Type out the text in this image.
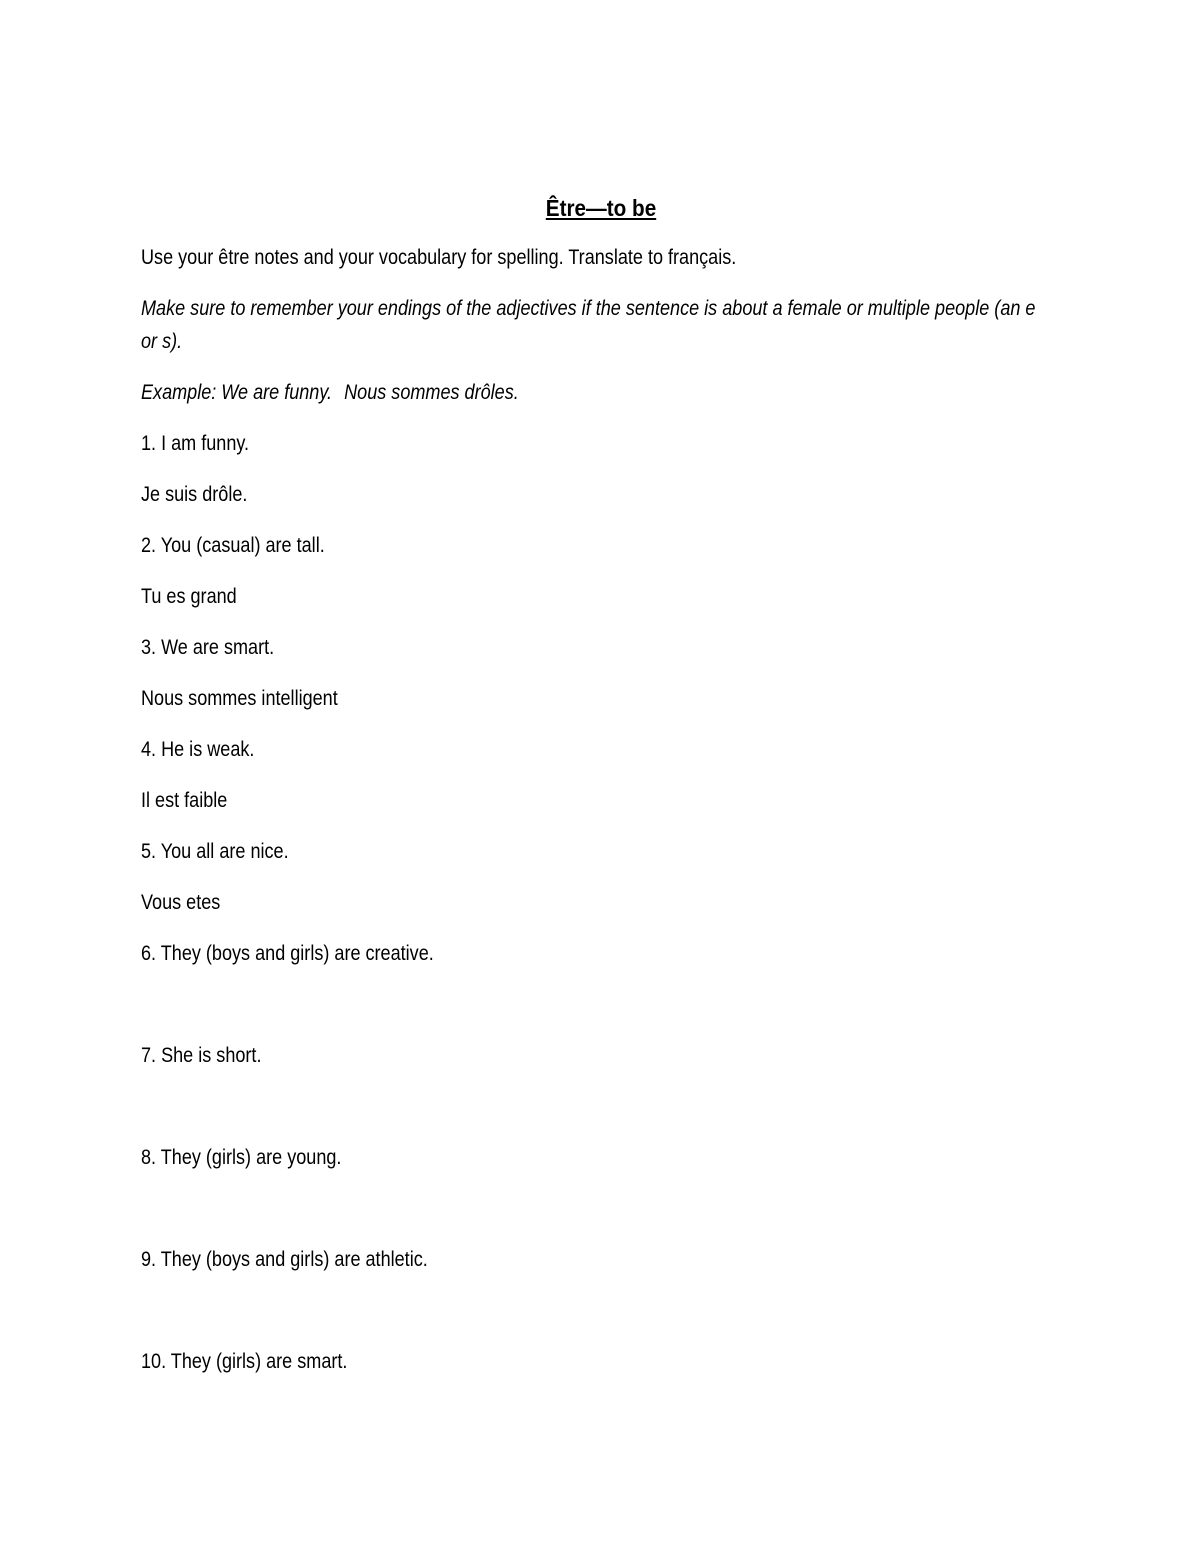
Être—to be
Use your être notes and your vocabulary for spelling. Translate to français.
Make sure to remember your endings of the adjectives if the sentence is about a female or multiple people (an e or s).
Example: We are funny. Nous sommes drôles.
1. I am funny.
Je suis drôle.
2. You (casual) are tall.
Tu es grand
3. We are smart.
Nous sommes intelligent
4. He is weak.
Il est faible
5. You all are nice.
Vous etes
6. They (boys and girls) are creative.
7. She is short.
8. They (girls) are young.
9. They (boys and girls) are athletic.
10. They (girls) are smart.
